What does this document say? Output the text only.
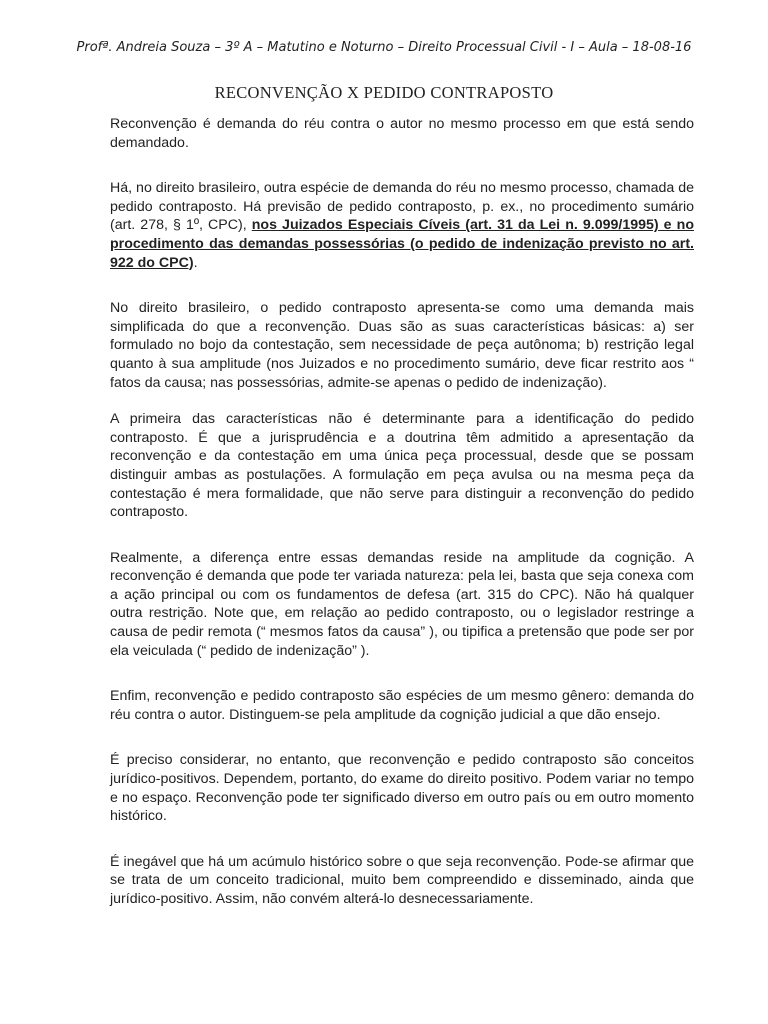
Profª. Andreia Souza – 3º A – Matutino e Noturno – Direito Processual Civil - I – Aula – 18-08-16
RECONVENÇÃO X PEDIDO CONTRAPOSTO

Reconvenção é demanda do réu contra o autor no mesmo processo em que está sendo demandado.

Há, no direito brasileiro, outra espécie de demanda do réu no mesmo processo, chamada de pedido contraposto. Há previsão de pedido contraposto, p. ex., no procedimento sumário (art. 278, § 1º, CPC), nos Juizados Especiais Cíveis (art. 31 da Lei n. 9.099/1995) e no procedimento das demandas possessórias (o pedido de indenização previsto no art. 922 do CPC).

No direito brasileiro, o pedido contraposto apresenta-se como uma demanda mais simplificada do que a reconvenção. Duas são as suas características básicas: a) ser formulado no bojo da contestação, sem necessidade de peça autônoma; b) restrição legal quanto à sua amplitude (nos Juizados e no procedimento sumário, deve ficar restrito aos “ fatos da causa; nas possessórias, admite-se apenas o pedido de indenização).

A primeira das características não é determinante para a identificação do pedido contraposto. É que a jurisprudência e a doutrina têm admitido a apresentação da reconvenção e da contestação em uma única peça processual, desde que se possam distinguir ambas as postulações. A formulação em peça avulsa ou na mesma peça da contestação é mera formalidade, que não serve para distinguir a reconvenção do pedido contraposto.

Realmente, a diferença entre essas demandas reside na amplitude da cognição. A reconvenção é demanda que pode ter variada natureza: pela lei, basta que seja conexa com a ação principal ou com os fundamentos de defesa (art. 315 do CPC). Não há qualquer outra restrição. Note que, em relação ao pedido contraposto, ou o legislador restringe a causa de pedir remota (“ mesmos fatos da causa” ), ou tipifica a pretensão que pode ser por ela veiculada (“ pedido de indenização” ).

Enfim, reconvenção e pedido contraposto são espécies de um mesmo gênero: demanda do réu contra o autor. Distinguem-se pela amplitude da cognição judicial a que dão ensejo.

É preciso considerar, no entanto, que reconvenção e pedido contraposto são conceitos jurídico-positivos. Dependem, portanto, do exame do direito positivo. Podem variar no tempo e no espaço. Reconvenção pode ter significado diverso em outro país ou em outro momento histórico.

É inegável que há um acúmulo histórico sobre o que seja reconvenção. Pode-se afirmar que se trata de um conceito tradicional, muito bem compreendido e disseminado, ainda que jurídico-positivo. Assim, não convém alterá-lo desnecessariamente.
